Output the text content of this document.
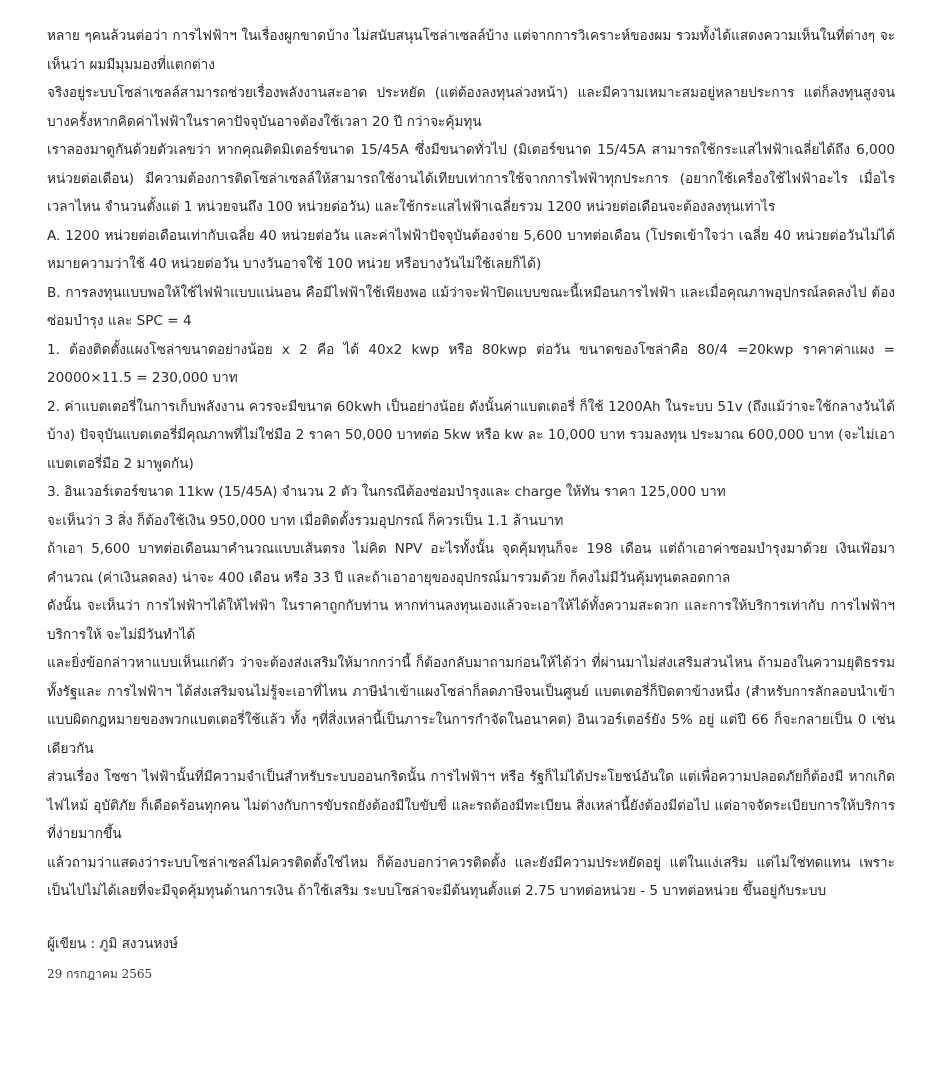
หลาย ๆคนล้วนต่อว่า การไฟฟ้าฯ ในเรื่องผูกขาดบ้าง ไม่สนับสนุนโซล่าเซลล์บ้าง แต่จากการวิเคราะห์ของผม รวมทั้งได้แสดงความเห็นในที่ต่างๆ จะเห็นว่า ผมมีมุมมองที่แตกต่าง

จริงอยู่ระบบโซล่าเซลล์สามารถช่วยเรื่องพลังงานสะอาด ประหยัด (แต่ต้องลงทุนล่วงหน้า) และมีความเหมาะสมอยู่หลายประการ แต่ก็ลงทุนสูงจน บางครั้งหากคิดค่าไฟฟ้าในราคาปัจจุบันอาจต้องใช้เวลา 20 ปี กว่าจะคุ้มทุน

เราลองมาดูกันด้วยตัวเลขว่า หากคุณติดมิเตอร์ขนาด 15/45A ซึ่งมีขนาดทั่วไป (มิเตอร์ขนาด 15/45A สามารถใช้กระแสไฟฟ้าเฉลี่ยได้ถึง 6,000 หน่วยต่อเดือน) มีความต้องการติดโซล่าเซลล์ให้สามารถใช้งานได้เทียบเท่าการใช้จากการไฟฟ้าทุกประการ (อยากใช้เครื่องใช้ไฟฟ้าอะไร เมื่อไร เวลาไหน จำนวนตั้งแต่ 1 หน่วยจนถึง 100 หน่วยต่อวัน) และใช้กระแสไฟฟ้าเฉลี่ยรวม 1200 หน่วยต่อเดือนจะต้องลงทุนเท่าไร

A. 1200 หน่วยต่อเดือนเท่ากับเฉลี่ย 40 หน่วยต่อวัน และค่าไฟฟ้าปัจจุบันต้องจ่าย 5,600 บาทต่อเดือน (โปรดเข้าใจว่า เฉลี่ย 40 หน่วยต่อวันไม่ได้หมายความว่าใช้ 40 หน่วยต่อวัน บางวันอาจใช้ 100 หน่วย หรือบางวันไม่ใช้เลยก็ได้)

B. การลงทุนแบบพอให้ใช้ไฟฟ้าแบบแน่นอน คือมีไฟฟ้าใช้เพียงพอ แม้ว่าจะฟ้าปิดแบบขณะนี้เหมือนการไฟฟ้า และเมื่อคุณภาพอุปกรณ์ลดลงไป ต้องซ่อมบำรุง และ SPC = 4

1. ต้องติดตั้งแผงโซล่าขนาดอย่างน้อย x 2 คือ ได้ 40x2 kwp หรือ 80kwp ต่อวัน ขนาดของโซล่าคือ 80/4 =20kwp ราคาค่าแผง = 20000×11.5 = 230,000 บาท

2. ค่าแบตเตอรี่ในการเก็บพลังงาน ควรจะมีขนาด 60kwh เป็นอย่างน้อย ดังนั้นค่าแบตเตอรี่ ก็ใช้ 1200Ah ในระบบ 51v (ถึงแม้ว่าจะใช้กลางวันได้บ้าง) ปัจจุบันแบตเตอรี่มีคุณภาพที่ไม่ใช่มือ 2 ราคา 50,000 บาทต่อ 5kw หรือ kw ละ 10,000 บาท รวมลงทุน ประมาณ 600,000 บาท (จะไม่เอาแบตเตอรี่มือ 2 มาพูดกัน)

3. อินเวอร์เตอร์ขนาด 11kw (15/45A) จำนวน 2 ตัว ในกรณีต้องซ่อมบำรุงและ charge ให้ทัน ราคา 125,000 บาท

จะเห็นว่า 3 สิ่ง ก็ต้องใช้เงิน 950,000 บาท เมื่อติดตั้งรวมอุปกรณ์ ก็ควรเป็น 1.1 ล้านบาท

ถ้าเอา 5,600 บาทต่อเดือนมาคำนวณแบบเส้นตรง ไม่คิด NPV อะไรทั้งนั้น จุดคุ้มทุนก็จะ 198 เดือน แต่ถ้าเอาค่าซอมบำรุงมาด้วย เงินเฟ้อมาคำนวณ (ค่าเงินลดลง) น่าจะ 400 เดือน หรือ 33 ปี และถ้าเอาอายุของอุปกรณ์มารวมด้วย ก็คงไม่มีวันคุ้มทุนตลอดกาล

ดังนั้น จะเห็นว่า การไฟฟ้าฯได้ให้ไฟฟ้า ในราคาถูกกับท่าน หากท่านลงทุนเองแล้วจะเอาให้ได้ทั้งความสะดวก และการให้บริการเท่ากับ การไฟฟ้าฯ บริการให้ จะไม่มีวันทำได้

และยิ่งข้อกล่าวหาแบบเห็นแก่ตัว ว่าจะต้องส่งเสริมให้มากกว่านี้ ก็ต้องกลับมาถามก่อนให้ได้ว่า ที่ผ่านมาไม่ส่งเสริมส่วนไหน ถ้ามองในความยุติธรรม ทั้งรัฐและ การไฟฟ้าฯ ได้ส่งเสริมจนไม่รู้จะเอาที่ไหน ภาษีนำเข้าแผงโซล่าก็ลดภาษีจนเป็นศูนย์ แบตเตอรี่ก็ปิดตาข้างหนึ่ง (สำหรับการลักลอบนำเข้าแบบผิดกฎหมายของพวกแบตเตอรี่ใช้แล้ว ทั้ง ๆที่สิ่งเหล่านี้เป็นภาระในการกำจัดในอนาคต) อินเวอร์เตอร์ยัง 5% อยู่ แต่ปี 66 ก็จะกลายเป็น 0 เช่นเดียวกัน

ส่วนเรื่อง โซซา ไฟฟ้านั้นที่มีความจำเป็นสำหรับระบบออนกริดนั้น การไฟฟ้าฯ หรือ รัฐก็ไม่ได้ประโยชน์อันใด แต่เพื่อความปลอดภัยก็ต้องมี หากเกิดไฟไหม้ อุบัติภัย ก็เดือดร้อนทุกคน ไม่ต่างกับการขับรถยังต้องมีใบขับขี่ และรถต้องมีทะเบียน สิ่งเหล่านี้ยังต้องมีต่อไป แต่อาจจัดระเบียบการให้บริการที่ง่ายมากขึ้น

แล้วถามว่าแสดงว่าระบบโซล่าเซลล์ไม่ควรติดตั้งใช่ไหม ก็ต้องบอกว่าควรติดตั้ง และยังมีความประหยัดอยู่ แต่ในแง่เสริม แต่ไม่ใช่ทดแทน เพราะเป็นไปไม่ได้เลยที่จะมีจุดคุ้มทุนด้านการเงิน ถ้าใช้เสริม ระบบโซล่าจะมีต้นทุนตั้งแต่ 2.75 บาทต่อหน่วย - 5 บาทต่อหน่วย ขึ้นอยู่กับระบบ

ผู้เขียน : ภูมิ สงวนหงษ์
29 กรกฎาคม 2565
